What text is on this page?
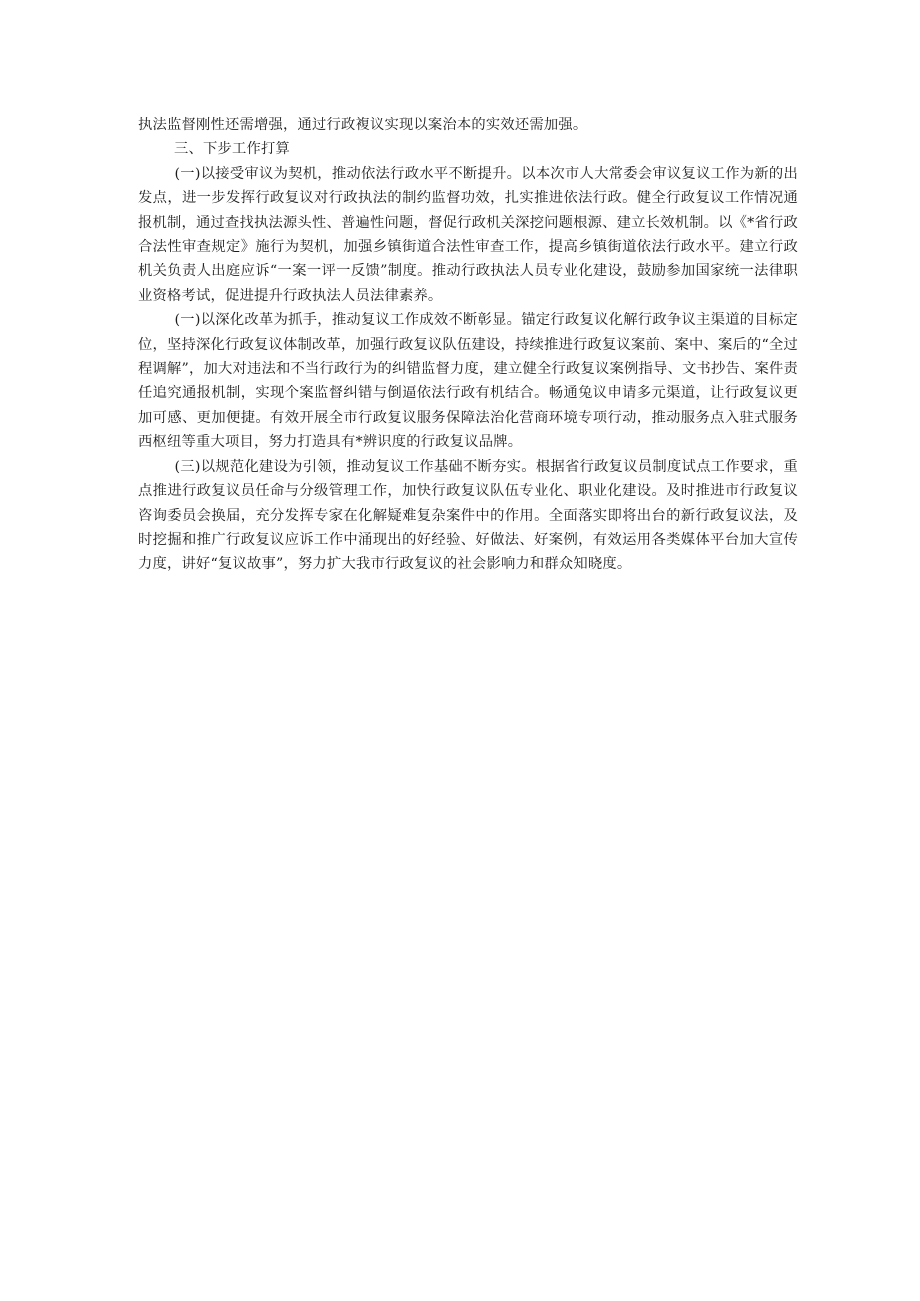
执法监督刚性还需增强，通过行政複议实现以案治本的实效还需加强。

三、下步工作打算

(一)以接受审议为契机，推动依法行政水平不断提升。以本次市人大常委会审议复议工作为新的出发点，进一步发挥行政复议对行政执法的制约监督功效，扎实推进依法行政。健全行政复议工作情况通报机制，通过查找执法源头性、普遍性问题，督促行政机关深挖问题根源、建立长效机制。以《*省行政合法性审查规定》施行为契机，加强乡镇街道合法性审查工作，提高乡镇街道依法行政水平。建立行政机关负责人出庭应诉“一案一评一反馈”制度。推动行政执法人员专业化建设，鼓励参加国家统一法律职业资格考试，促进提升行政执法人员法律素养。

(一)以深化改革为抓手，推动复议工作成效不断彰显。锚定行政复议化解行政争议主渠道的目标定位，坚持深化行政复议体制改革，加强行政复议队伍建设，持续推进行政复议案前、案中、案后的“全过程调解”，加大对违法和不当行政行为的纠错监督力度，建立健全行政复议案例指导、文书抄告、案件责任追究通报机制，实现个案监督纠错与倒逼依法行政有机结合。畅通兔议申请多元渠道，让行政复议更加可感、更加便捷。有效开展全市行政复议服务保障法治化营商环境专项行动，推动服务点入驻式服务西枢纽等重大项目，努力打造具有*辨识度的行政复议品牌。

(三)以规范化建设为引领，推动复议工作基础不断夯实。根据省行政复议员制度试点工作要求，重点推进行政复议员任命与分级管理工作，加快行政复议队伍专业化、职业化建设。及时推进市行政复议咨询委员会换届，充分发挥专家在化解疑难复杂案件中的作用。全面落实即将出台的新行政复议法，及时挖掘和推广行政复议应诉工作中涌现出的好经验、好做法、好案例，有效运用各类媒体平台加大宣传力度，讲好“复议故事”，努力扩大我市行政复议的社会影响力和群众知晓度。
